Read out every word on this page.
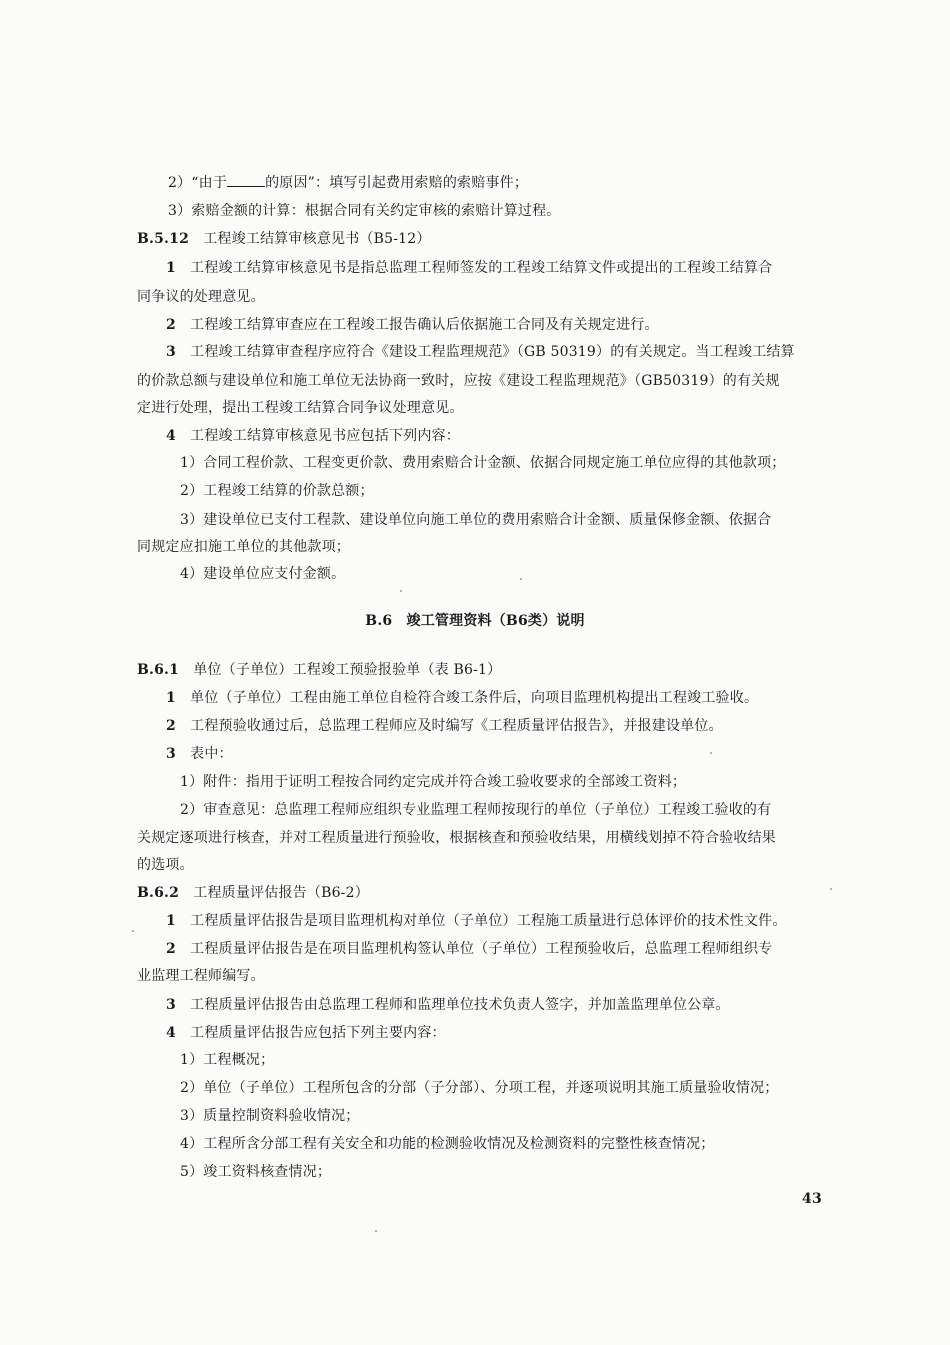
2）“由于	的原因”：填写引起费用索赔的索赔事件；
3）索赔金额的计算：根据合同有关约定审核的索赔计算过程。
B.5.12　 工程竣工结算审核意见书（B5-12）
1　 工程竣工结算审核意见书是指总监理工程师签发的工程竣工结算文件或提出的工程竣工结算合
同争议的处理意见。
2　 工程竣工结算审查应在工程竣工报告确认后依据施工合同及有关规定进行。
3　 工程竣工结算审查程序应符合《建设工程监理规范》（GB 50319）的有关规定。当工程竣工结算
的价款总额与建设单位和施工单位无法协商一致时，应按《建设工程监理规范》（GB50319）的有关规
定进行处理，提出工程竣工结算合同争议处理意见。
4　 工程竣工结算审核意见书应包括下列内容：
1）合同工程价款、工程变更价款、费用索赔合计金额、依据合同规定施工单位应得的其他款项；
2）工程竣工结算的价款总额；
3）建设单位已支付工程款、建设单位向施工单位的费用索赔合计金额、质量保修金额、依据合
同规定应扣施工单位的其他款项；
4）建设单位应支付金额。
B.6　竣工管理资料（B6类）说明
B.6.1　 单位（子单位）工程竣工预验报验单（表 B6-1）
1　 单位（子单位）工程由施工单位自检符合竣工条件后，向项目监理机构提出工程竣工验收。
2　 工程预验收通过后，总监理工程师应及时编写《工程质量评估报告》，并报建设单位。
3　 表中：
1）附件：指用于证明工程按合同约定完成并符合竣工验收要求的全部竣工资料；
2）审查意见：总监理工程师应组织专业监理工程师按现行的单位（子单位）工程竣工验收的有
关规定逐项进行核查，并对工程质量进行预验收，根据核查和预验收结果，用横线划掉不符合验收结果
的选项。
B.6.2　 工程质量评估报告（B6-2）
1　 工程质量评估报告是项目监理机构对单位（子单位）工程施工质量进行总体评价的技术性文件。
2　 工程质量评估报告是在项目监理机构签认单位（子单位）工程预验收后，总监理工程师组织专
业监理工程师编写。
3　 工程质量评估报告由总监理工程师和监理单位技术负责人签字，并加盖监理单位公章。
4　 工程质量评估报告应包括下列主要内容：
1）工程概况；
2）单位（子单位）工程所包含的分部（子分部）、分项工程，并逐项说明其施工质量验收情况；
3）质量控制资料验收情况；
4）工程所含分部工程有关安全和功能的检测验收情况及检测资料的完整性核查情况；
5）竣工资料核查情况；
43
